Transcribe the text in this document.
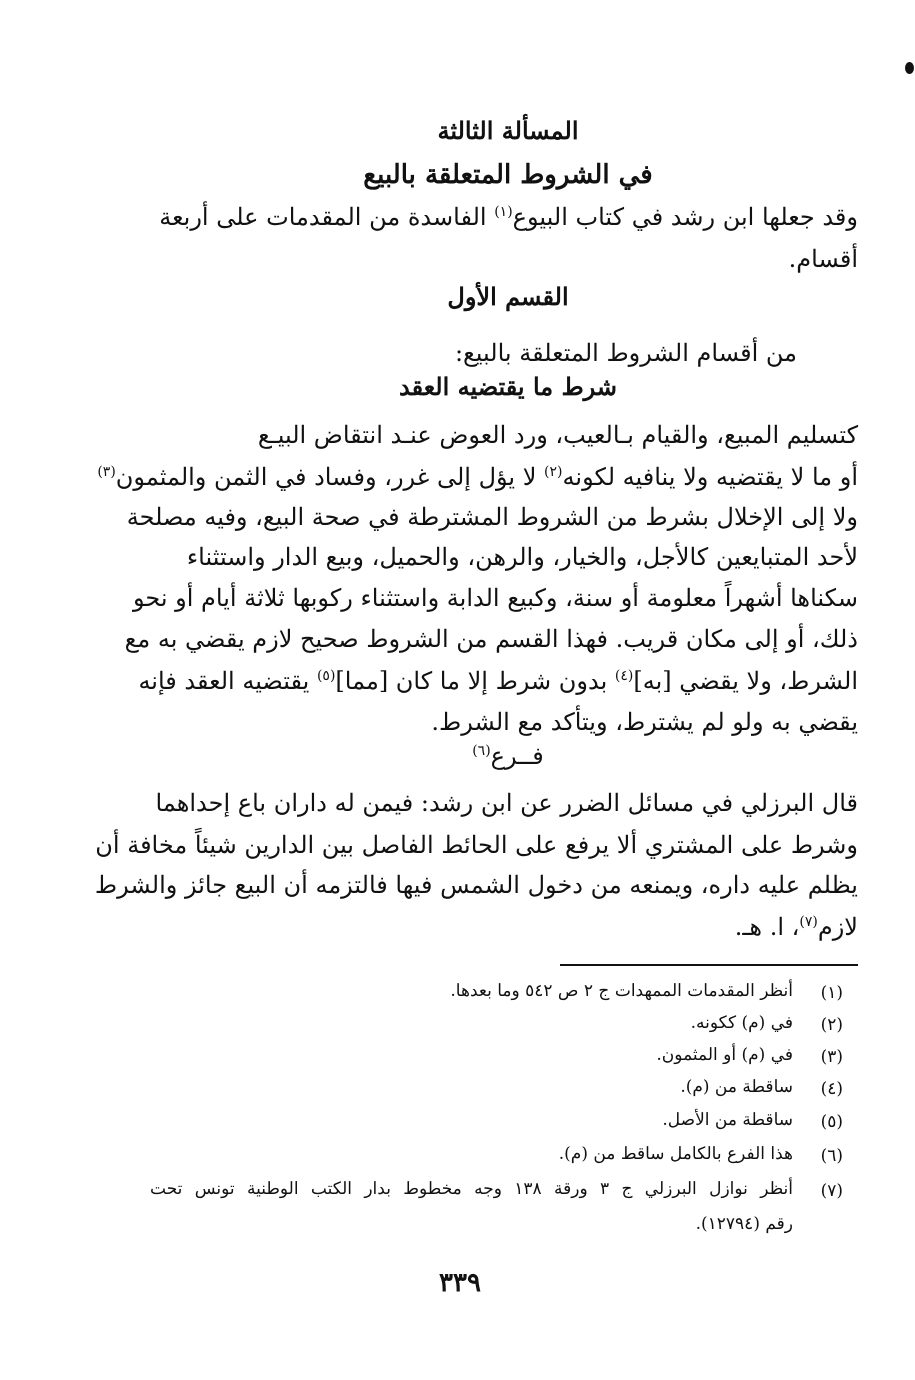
المسألة الثالثة
في الشروط المتعلقة بالبيع
وقد جعلها ابن رشد في كتاب البيوع$^{(١)}$ الفاسدة من المقدمات على أربعة
أقسام.
القسم الأول
من أقسام الشروط المتعلقة بالبيع:
شرط ما يقتضيه العقد
كتسليم المبيع، والقيام بـالعيب، ورد العوض عنـد انتقاض البيـع
أو ما لا يقتضيه ولا ينافيه لكونه$^{(٢)}$ لا يؤل إلى غرر، وفساد في الثمن والمثمون$^{(٣)}$
ولا إلى الإخلال بشرط من الشروط المشترطة في صحة البيع، وفيه مصلحة
لأحد المتبايعين كالأجل، والخيار، والرهن، والحميل، وبيع الدار واستثناء
سكناها أشهراً معلومة أو سنة، وكبيع الدابة واستثناء ركوبها ثلاثة أيام أو نحو
ذلك، أو إلى مكان قريب. فهذا القسم من الشروط صحيح لازم يقضي به مع
الشرط، ولا يقضي [به]$^{(٤)}$ بدون شرط إلا ما كان [مما]$^{(٥)}$ يقتضيه العقد فإنه
يقضي به ولو لم يشترط، ويتأكد مع الشرط.
فــرع$^{(٦)}$
قال البرزلي في مسائل الضرر عن ابن رشد: فيمن له داران باع إحداهما
وشرط على المشتري ألا يرفع على الحائط الفاصل بين الدارين شيئاً مخافة أن
يظلم عليه داره، ويمنعه من دخول الشمس فيها فالتزمه أن البيع جائز والشرط
لازم$^{(٧)}$، ا. هـ.
(١)
أنظر المقدمات الممهدات ج ٢ ص ٥٤٢ وما بعدها.
(٢)
في (م) ككونه.
(٣)
في (م) أو المثمون.
(٤)
ساقطة من (م).
(٥)
ساقطة من الأصل.
(٦)
هذا الفرع بالكامل ساقط من (م).
(٧)
أنظر نوازل البرزلي ج ٣ ورقة ١٣٨ وجه مخطوط بدار الكتب الوطنية تونس تحت
رقم (١٢٧٩٤).
٣٣٩
